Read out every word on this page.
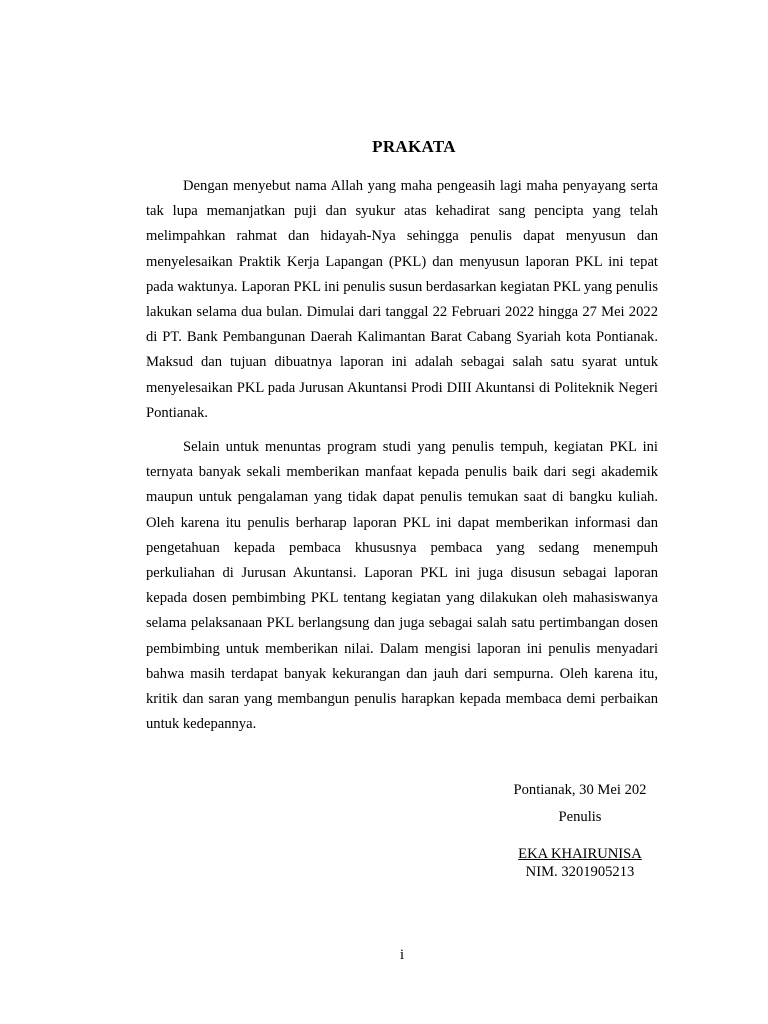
PRAKATA

Dengan menyebut nama Allah yang maha pengeasih lagi maha penyayang serta tak lupa memanjatkan puji dan syukur atas kehadirat sang pencipta yang telah melimpahkan rahmat dan hidayah-Nya sehingga penulis dapat menyusun dan menyelesaikan Praktik Kerja Lapangan (PKL) dan menyusun laporan PKL ini tepat pada waktunya. Laporan PKL ini penulis susun berdasarkan kegiatan PKL yang penulis lakukan selama dua bulan. Dimulai dari tanggal 22 Februari 2022 hingga 27 Mei 2022 di PT. Bank Pembangunan Daerah Kalimantan Barat Cabang Syariah kota Pontianak. Maksud dan tujuan dibuatnya laporan ini adalah sebagai salah satu syarat untuk menyelesaikan PKL pada Jurusan Akuntansi Prodi DIII Akuntansi di Politeknik Negeri Pontianak.

Selain untuk menuntas program studi yang penulis tempuh, kegiatan PKL ini ternyata banyak sekali memberikan manfaat kepada penulis baik dari segi akademik maupun untuk pengalaman yang tidak dapat penulis temukan saat di bangku kuliah. Oleh karena itu penulis berharap laporan PKL ini dapat memberikan informasi dan pengetahuan kepada pembaca khususnya pembaca yang sedang menempuh perkuliahan di Jurusan Akuntansi. Laporan PKL ini juga disusun sebagai laporan kepada dosen pembimbing PKL tentang kegiatan yang dilakukan oleh mahasiswanya selama pelaksanaan PKL berlangsung dan juga sebagai salah satu pertimbangan dosen pembimbing untuk memberikan nilai. Dalam mengisi laporan ini penulis menyadari bahwa masih terdapat banyak kekurangan dan jauh dari sempurna. Oleh karena itu, kritik dan saran yang membangun penulis harapkan kepada membaca demi perbaikan untuk kedepannya.

Pontianak, 30 Mei 202
Penulis
EKA KHAIRUNISA
NIM. 3201905213
i
